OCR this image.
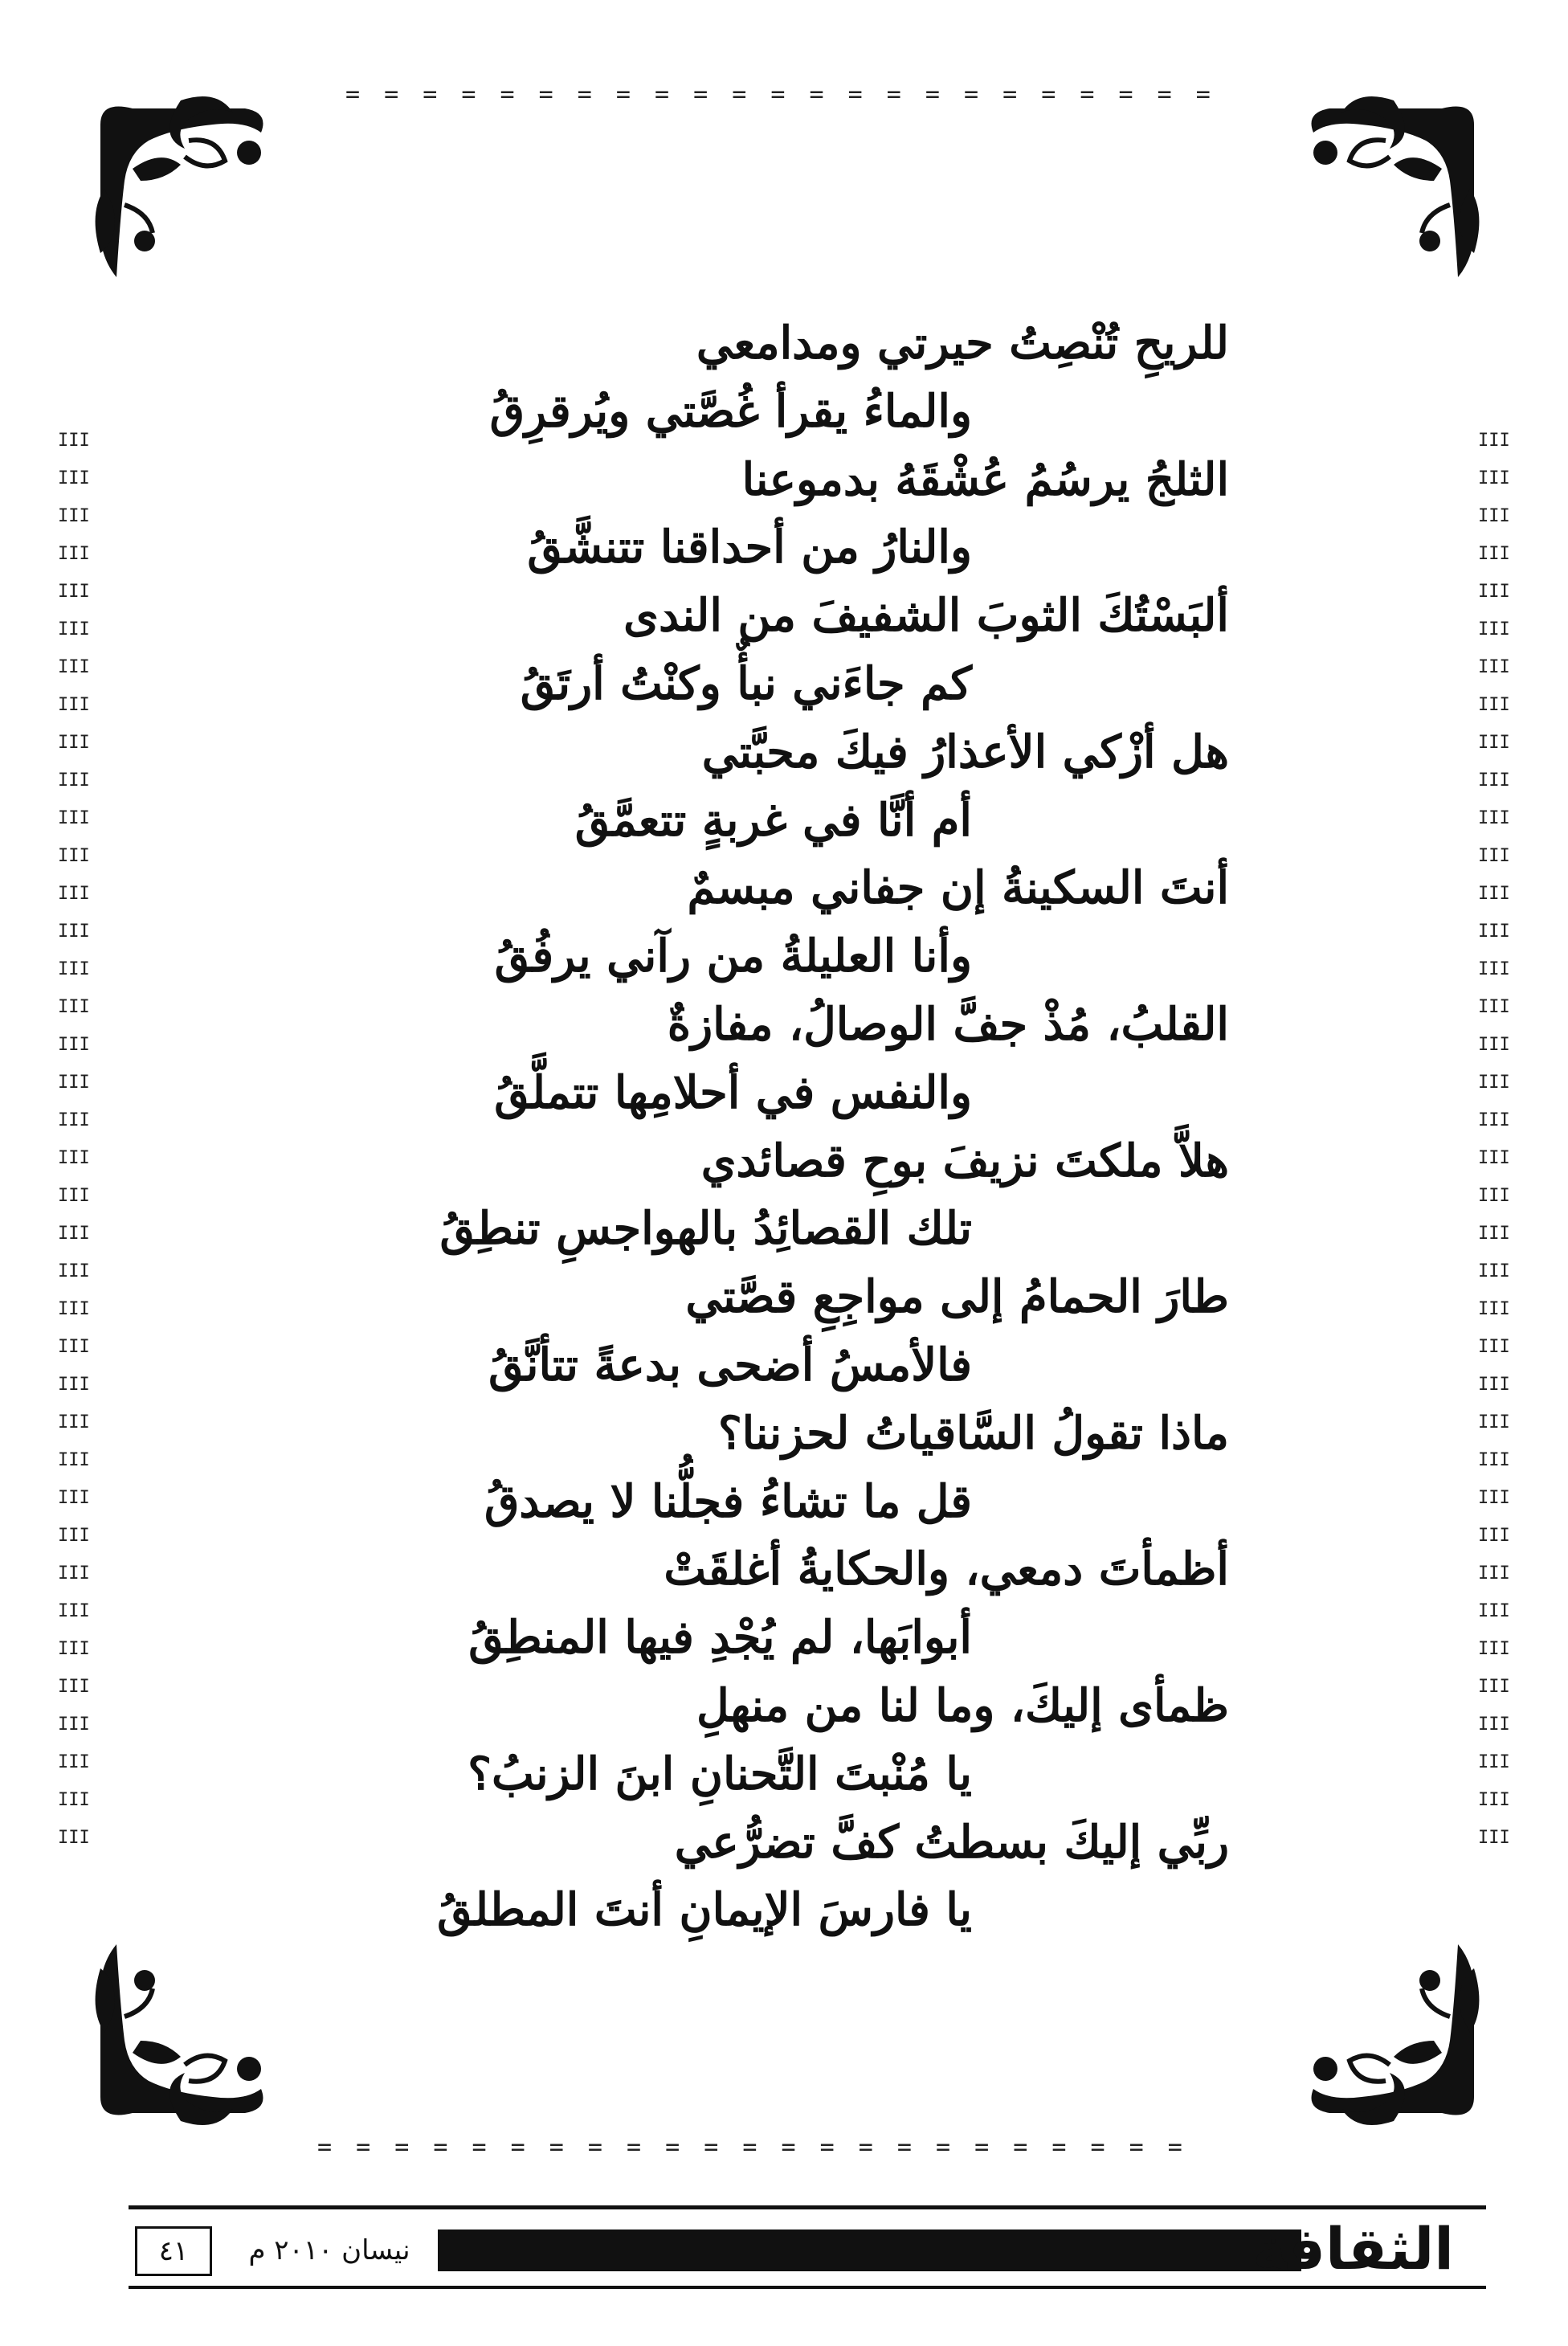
= = = = = = = = = = = = = = = = = = = = = = =
= = = = = = = = = = = = = = = = = = = = = = =
III
III
III
III
III
III
III
III
III
III
III
III
III
III
III
III
III
III
III
III
III
III
III
III
III
III
III
III
III
III
III
III
III
III
III
III
III
III
III
III
III
III
III
III
III
III
III
III
III
III
III
III
III
III
III
III
III
III
III
III
III
III
III
III
III
III
III
III
III
III
III
III
III
III
III
III
للريحِ تُنْصِتُ حيرتي ومدامعي
والماءُ يقرأ غُصَّتي ويُرقرِقُ
الثلجُ يرسُمُ عُشْقَهُ بدموعنا
والنارُ من أحداقنا تتنشَّقُ
ألبَسْتُكَ الثوبَ الشفيفَ من الندى
كم جاءَني نبأٌ وكنْتُ أرتَقُ
هل أزْكي الأعذارُ فيكَ محبَّتي
أم أنَّا في غربةٍ تتعمَّقُ
أنتَ السكينةُ إن جفاني مبسمٌ
وأنا العليلةُ من رآني يرفُقُ
القلبُ، مُذْ جفَّ الوصالُ، مفازةٌ
والنفس في أحلامِها تتملَّقُ
هلاَّ ملكتَ نزيفَ بوحِ قصائدي
تلك القصائِدُ بالهواجسِ تنطِقُ
طارَ الحمامُ إلى مواجِعِ قصَّتي
فالأمسُ أضحى بدعةً تتأنَّقُ
ماذا تقولُ السَّاقياتُ لحزننا؟
قل ما تشاءُ فجلُّنا لا يصدقُ
أظمأتَ دمعي، والحكايةُ أغلقَتْ
أبوابَها، لم يُجْدِ فيها المنطِقُ
ظمأى إليكَ، وما لنا من منهلِ
يا مُنْبتَ التَّحنانِ ابنَ الزنبُ؟
ربِّي إليكَ بسطتُ كفَّ تضرُّعي
يا فارسَ الإيمانِ أنتَ المطلقُ
الثقافة
نيسان ٢٠١٠ م
٤١
